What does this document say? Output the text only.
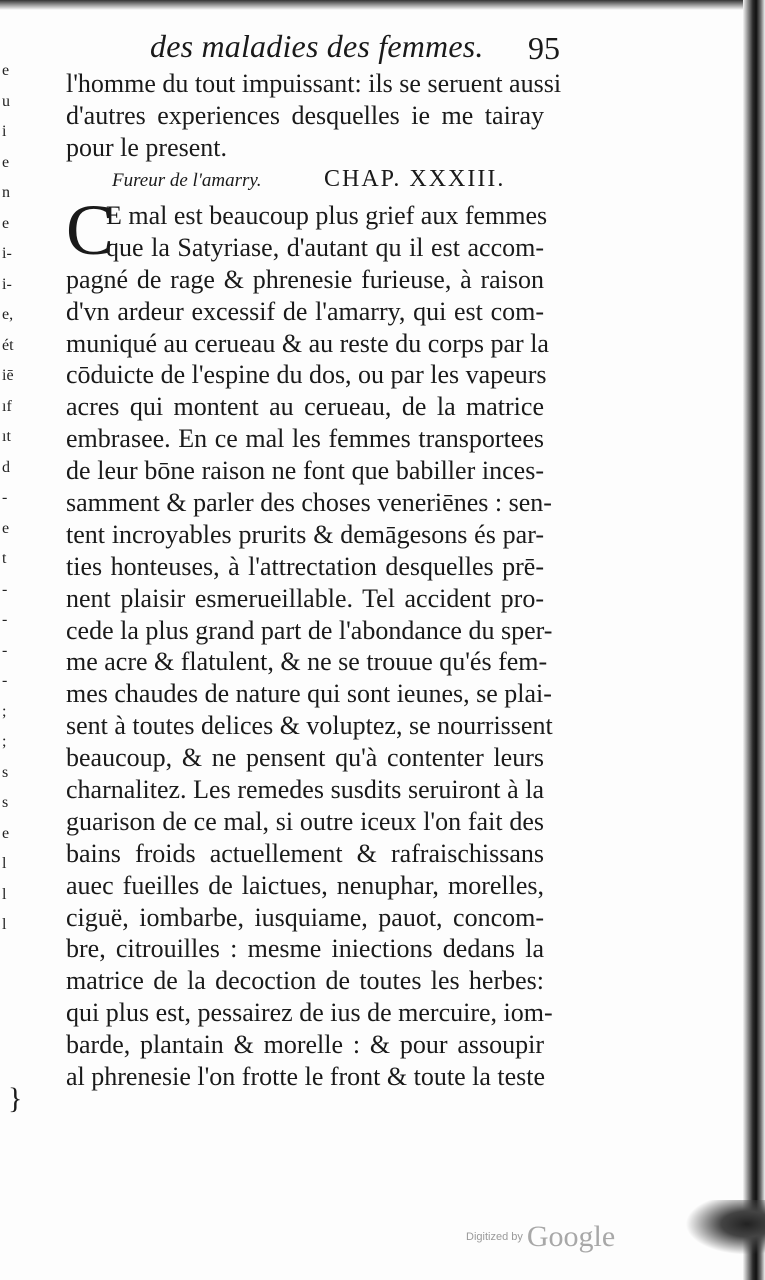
e
u
i
e
n
e
i-
i-
e,
ét
iē
ıf
ıt
d
-
e
t
-
-
-
-
;
;
s
s
e
l
l
l
des maladies des femmes. 95
l'homme du tout impuissant: ils se seruent aussi
d'autres experiences desquelles ie me tairay
pour le present.
Fureur de l'amarry.	CHAP. XXXIII.
C
E mal est beaucoup plus grief aux femmes
que la Satyriase, d'autant qu il est accom-
pagné de rage & phrenesie furieuse, à raison
d'vn ardeur excessif de l'amarry, qui est com-
muniqué au cerueau & au reste du corps par la
cōduicte de l'espine du dos, ou par les vapeurs
acres qui montent au cerueau, de la matrice
embrasee. En ce mal les femmes transportees
de leur bōne raison ne font que babiller inces-
samment & parler des choses veneriēnes : sen-
tent incroyables prurits & demāgesons és par-
ties honteuses, à l'attrectation desquelles prē-
nent plaisir esmerueillable. Tel accident pro-
cede la plus grand part de l'abondance du sper-
me acre & flatulent, & ne se trouue qu'és fem-
mes chaudes de nature qui sont ieunes, se plai-
sent à toutes delices & voluptez, se nourrissent
beaucoup, & ne pensent qu'à contenter leurs
charnalitez. Les remedes susdits seruiront à la
guarison de ce mal, si outre iceux l'on fait des
bains froids actuellement & rafraischissans
auec fueilles de laictues, nenuphar, morelles,
ciguë, iombarbe, iusquiame, pauot, concom-
bre, citrouilles : mesme iniections dedans la
matrice de la decoction de toutes les herbes:
qui plus est, pessairez de ius de mercuire, iom-
barde, plantain & morelle : & pour assoupir
al phrenesie l'on frotte le front & toute la teste
}
Digitized by Google
